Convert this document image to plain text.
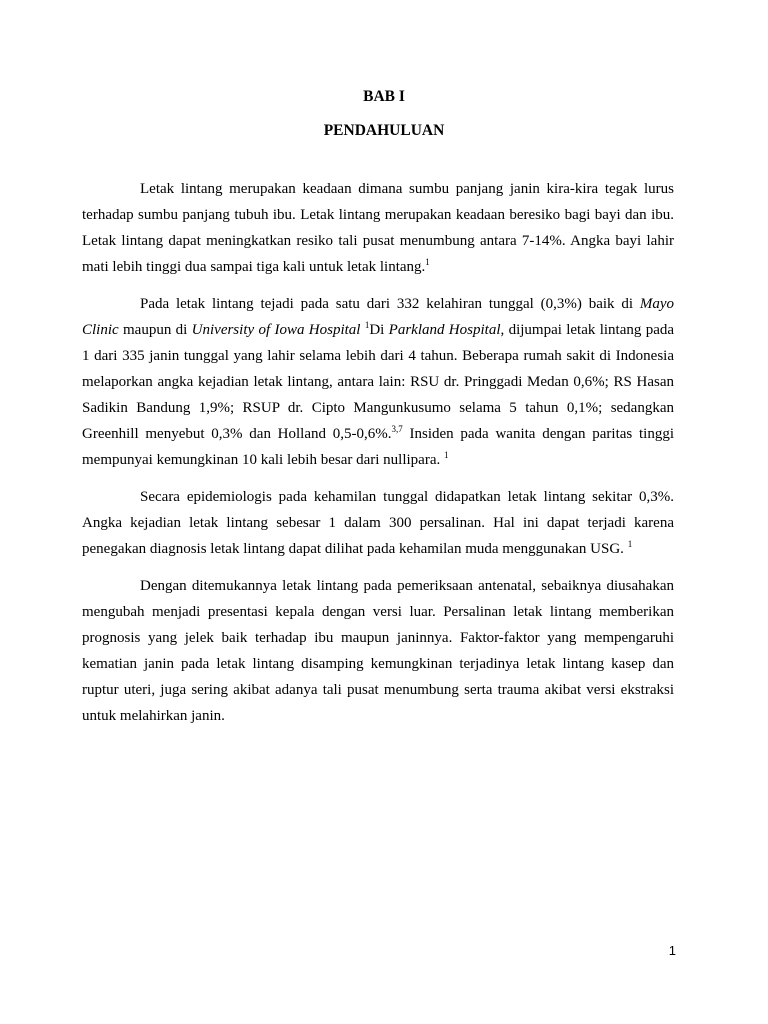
BAB I
PENDAHULUAN

Letak lintang merupakan keadaan dimana sumbu panjang janin kira-kira tegak lurus terhadap sumbu panjang tubuh ibu. Letak lintang merupakan keadaan beresiko bagi bayi dan ibu. Letak lintang dapat meningkatkan resiko tali pusat menumbung antara 7-14%. Angka bayi lahir mati lebih tinggi dua sampai tiga kali untuk letak lintang.$^1$

Pada letak lintang tejadi pada satu dari 332 kelahiran tunggal (0,3%) baik di Mayo Clinic maupun di University of Iowa Hospital $^1$Di Parkland Hospital, dijumpai letak lintang pada 1 dari 335 janin tunggal yang lahir selama lebih dari 4 tahun. Beberapa rumah sakit di Indonesia melaporkan angka kejadian letak lintang, antara lain: RSU dr. Pringgadi Medan 0,6%; RS Hasan Sadikin Bandung 1,9%; RSUP dr. Cipto Mangunkusumo selama 5 tahun 0,1%; sedangkan Greenhill menyebut 0,3% dan Holland 0,5-0,6%.$^{3,7}$ Insiden pada wanita dengan paritas tinggi mempunyai kemungkinan 10 kali lebih besar dari nullipara. $^1$

Secara epidemiologis pada kehamilan tunggal didapatkan letak lintang sekitar 0,3%. Angka kejadian letak lintang sebesar 1 dalam 300 persalinan. Hal ini dapat terjadi karena penegakan diagnosis letak lintang dapat dilihat pada kehamilan muda menggunakan USG. $^1$

Dengan ditemukannya letak lintang pada pemeriksaan antenatal, sebaiknya diusahakan mengubah menjadi presentasi kepala dengan versi luar. Persalinan letak lintang memberikan prognosis yang jelek baik terhadap ibu maupun janinnya. Faktor-faktor yang mempengaruhi kematian janin pada letak lintang disamping kemungkinan terjadinya letak lintang kasep dan ruptur uteri, juga sering akibat adanya tali pusat menumbung serta trauma akibat versi ekstraksi untuk melahirkan janin.

1
